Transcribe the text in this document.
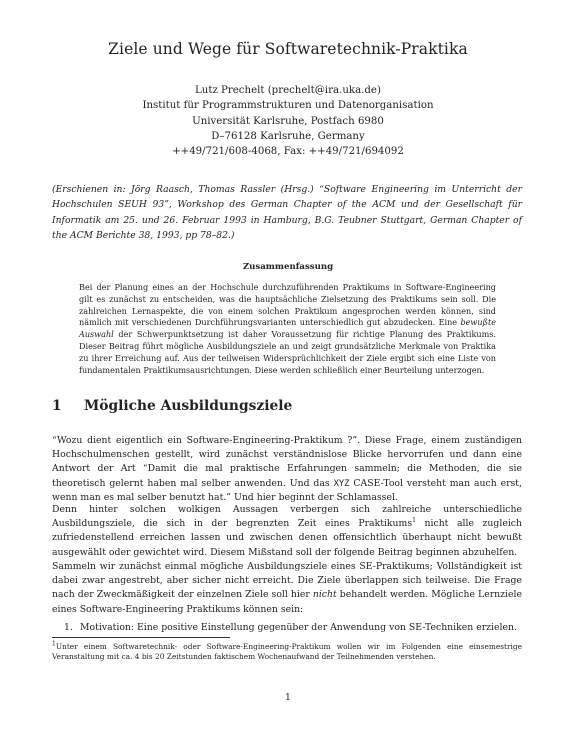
Ziele und Wege für Softwaretechnik-Praktika
Lutz Prechelt (prechelt@ira.uka.de)
Institut für Programmstrukturen und Datenorganisation
Universität Karlsruhe, Postfach 6980
D–76128 Karlsruhe, Germany
++49/721/608-4068, Fax: ++49/721/694092
(Erschienen in: Jörg Raasch, Thomas Rassler (Hrsg.) “Software Engineering im Unterricht der Hochschulen SEUH 93”, Workshop des German Chapter of the ACM und der Gesellschaft für Informatik am 25. und 26. Februar 1993 in Hamburg, B.G. Teubner Stuttgart, German Chapter of the ACM Berichte 38, 1993, pp 78–82.)
Zusammenfassung
Bei der Planung eines an der Hochschule durchzuführenden Praktikums in Software-Engineering gilt es zunächst zu entscheiden, was die hauptsächliche Zielsetzung des Praktikums sein soll. Die zahlreichen Lernaspekte, die von einem solchen Praktikum angesprochen werden können, sind nämlich mit verschiedenen Durchführungsvarianten unterschiedlich gut abzudecken. Eine bewußte Auswahl der Schwerpunktsetzung ist daher Voraussetzung für richtige Planung des Praktikums. Dieser Beitrag führt mögliche Ausbildungsziele an und zeigt grundsätzliche Merkmale von Praktika zu ihrer Erreichung auf. Aus der teilweisen Widersprüchlichkeit der Ziele ergibt sich eine Liste von fundamentalen Praktikumsausrichtungen. Diese werden schließlich einer Beurteilung unterzogen.
1 Mögliche Ausbildungsziele
“Wozu dient eigentlich ein Software-Engineering-Praktikum ?”. Diese Frage, einem zuständigen Hochschulmenschen gestellt, wird zunächst verständnislose Blicke hervorrufen und dann eine Antwort der Art “Damit die mal praktische Erfahrungen sammeln; die Methoden, die sie theoretisch gelernt haben mal selber anwenden. Und das XYZ CASE-Tool versteht man auch erst, wenn man es mal selber benutzt hat.” Und hier beginnt der Schlamassel.
Denn hinter solchen wolkigen Aussagen verbergen sich zahlreiche unterschiedliche Ausbildungsziele, die sich in der begrenzten Zeit eines Praktikums$^1$ nicht alle zugleich zufriedenstellend erreichen lassen und zwischen denen offensichtlich überhaupt nicht bewußt ausgewählt oder gewichtet wird. Diesem Mißstand soll der folgende Beitrag beginnen abzuhelfen.
Sammeln wir zunächst einmal mögliche Ausbildungsziele eines SE-Praktikums; Vollständigkeit ist dabei zwar angestrebt, aber sicher nicht erreicht. Die Ziele überlappen sich teilweise. Die Frage nach der Zweckmäßigkeit der einzelnen Ziele soll hier nicht behandelt werden. Mögliche Lernziele eines Software-Engineering Praktikums können sein:
1. Motivation: Eine positive Einstellung gegenüber der Anwendung von SE-Techniken erzielen.
$^1$Unter einem Softwaretechnik- oder Software-Engineering-Praktikum wollen wir im Folgenden eine einsemestrige Veranstaltung mit ca. 4 bis 20 Zeitstunden faktischem Wochenaufwand der Teilnehmenden verstehen.
1
